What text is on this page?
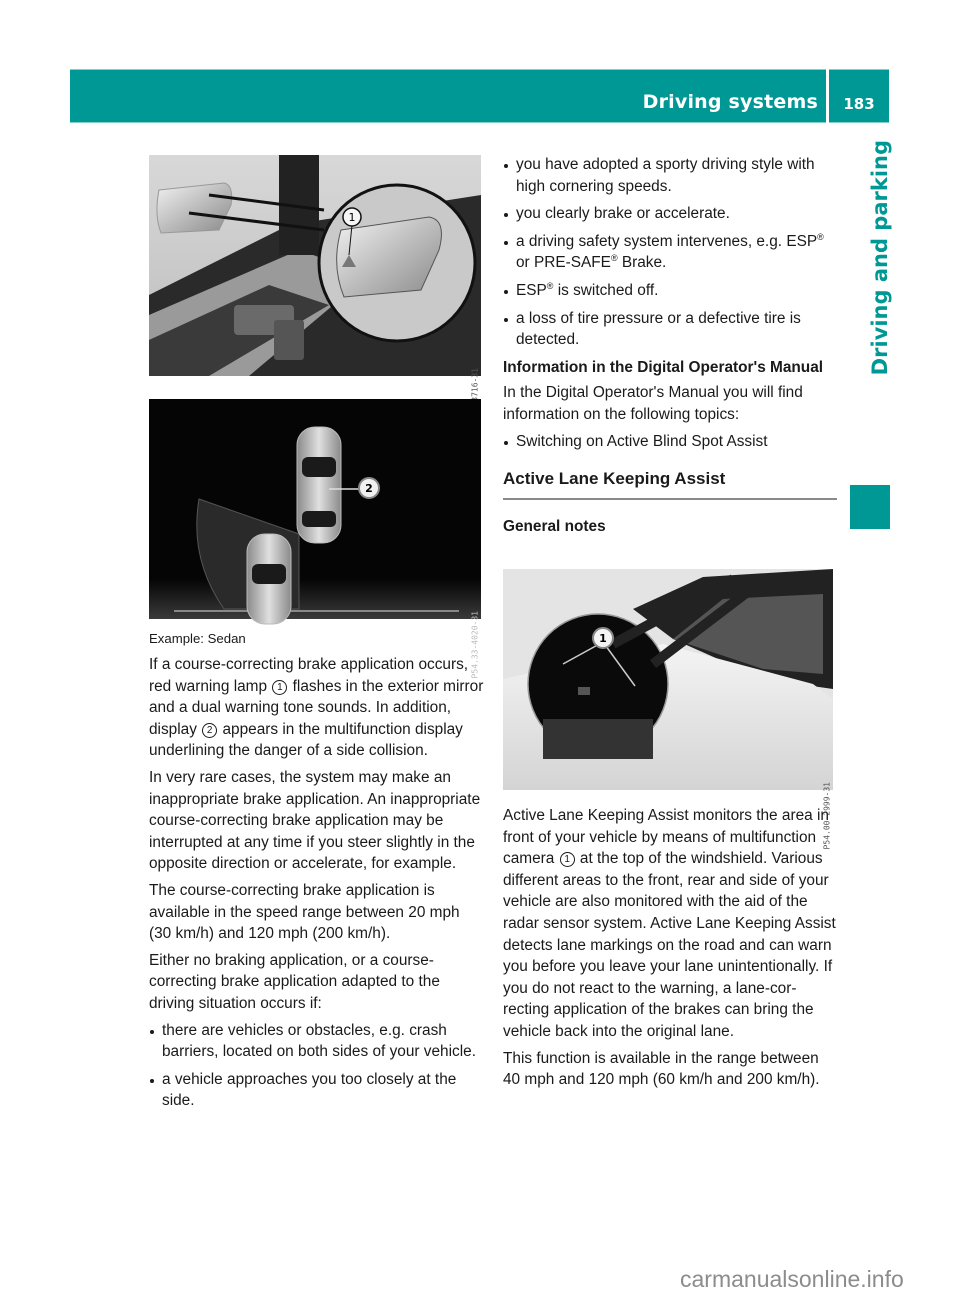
Driving systems	183
Driving and parking
1
2
P54.33-4020-31	1
P54.00-2999-31

Example: Sedan

If a course-correcting brake application occurs, red warning lamp 1 flashes in the exterior mirror and a dual warning tone sounds. In addition, display 2 appears in the multifunction display underlining the danger of a side collision.

In very rare cases, the system may make an inappropriate brake application. An inappropriate course-correcting brake application may be interrupted at any time if you steer slightly in the opposite direction or accelerate, for example.

The course-correcting brake application is available in the speed range between 20 mph (30 km/h) and 120 mph (200 km/h).

Either no braking application, or a course-correcting brake application adapted to the driving situation occurs if:

there are vehicles or obstacles, e.g. crash barriers, located on both sides of your vehicle.
a vehicle approaches you too closely at the side.
you have adopted a sporty driving style with high cornering speeds.
you clearly brake or accelerate.
a driving safety system intervenes, e.g. ESP® or PRE-SAFE® Brake.
ESP® is switched off.
a loss of tire pressure or a defective tire is detected.
Information in the Digital Operator's Manual

In the Digital Operator's Manual you will find information on the following topics:

Switching on Active Blind Spot Assist
Active Lane Keeping Assist
General notes

Active Lane Keeping Assist monitors the area in front of your vehicle by means of multifunction camera 1 at the top of the windshield. Various different areas to the front, rear and side of your vehicle are also monitored with the aid of the radar sensor system. Active Lane Keeping Assist detects lane markings on the road and can warn you before you leave your lane unintentionally. If you do not react to the warning, a lane-correcting application of the brakes can bring the vehicle back into the original lane.

This function is available in the range between 40 mph and 120 mph (60 km/h and 200 km/h).

carmanualsonline.info
